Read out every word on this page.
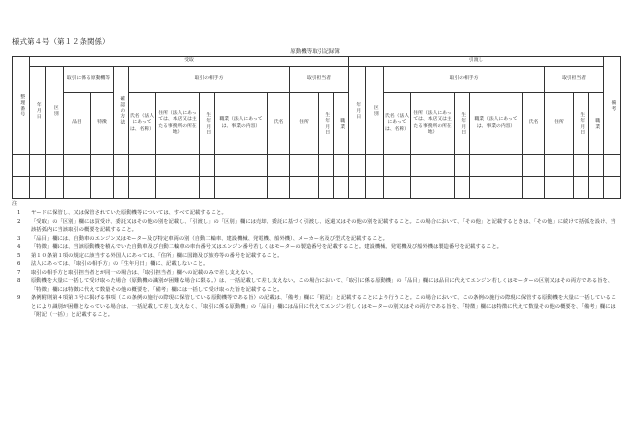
様式第４号（第１２条関係）
原動機等取引記録簿
整理番号	受取													引渡し										備考

	年月日	区別	取引に係る原動機等		確認の方法	取引の相手方					取引担当者			年月日	区別	取引の相手方					取引担当者			

			品目	特徴		氏名（法人にあっては、名称）	住所（法人にあっては、本店又は主たる事務所の所在地）	生年月日	職業（法人にあっては、事業の内容）	氏名	住所	生年月日	職業			氏名（法人にあっては、名称）	住所（法人にあっては、本店又は主たる事務所の所在地）	生年月日	職業（法人にあっては、事業の内容）	氏名	住所	生年月日	職業	

注
1	ヤードに保管し、又は保管されていた原動機等については、すべて記載すること。
2	「受取」の「区別」欄には買受け、委託又はその他の別を記載し、「引渡し」の「区別」欄には売却、委託に基づく引渡し、返還又はその他の別を記載すること。この場合において、「その他」と記載するときは、「その他」に続けて括弧を設け、当該括弧内に当該取引の概要を記載すること。
3	「品目」欄には、自動車のエンジン又はモーター及び特定車両の別（自動二輪車、建設機械、発電機、船外機）、メーカー名及び型式を記載すること。
4	「特徴」欄には、当該原動機を積んでいた自動車及び自動二輪車の車台番号又はエンジン番号若しくはモーターの製造番号を記載すること。建設機械、発電機及び船外機は製造番号を記載すること。
5	第１０条第１項の規定に該当する外国人にあっては、「住所」欄に国籍及び旅券等の番号を記載すること。
6	法人にあっては、「取引の相手方」の「生年月日」欄に、記載しないこと。
7	取引の相手方と取引担当者とが同一の場合は、「取引担当者」欄への記載のみで差し支えない。
8	原動機を大量に一括して受け取った場合（原動機の識別が困難な場合に限る。）は、一括記載して差し支えない。この場合において、「取引に係る原動機」の「品目」欄には品目に代えてエンジン若しくはモーターの区別又はその両方である旨を、「特徴」欄には特徴に代えて数量その他の概要を、「備考」欄には一括して受け取った旨を記載すること。
9	条例附則第４項第３号に掲げる事項（この条例の施行の際現に保管している原動機等である旨）の記載は、「備考」欄に「附記」と記載することにより行うこと。この場合において、この条例の施行の際現に保管する原動機を大量に一括していることにより識別が困難となっている場合は、一括記載して差し支えなく、「取引に係る原動機」の「品目」欄には品目に代えてエンジン若しくはモーターの別又はその両方である旨を、「特徴」欄には特徴に代えて数量その他の概要を、「備考」欄には「附記（一括）」と記載すること。
